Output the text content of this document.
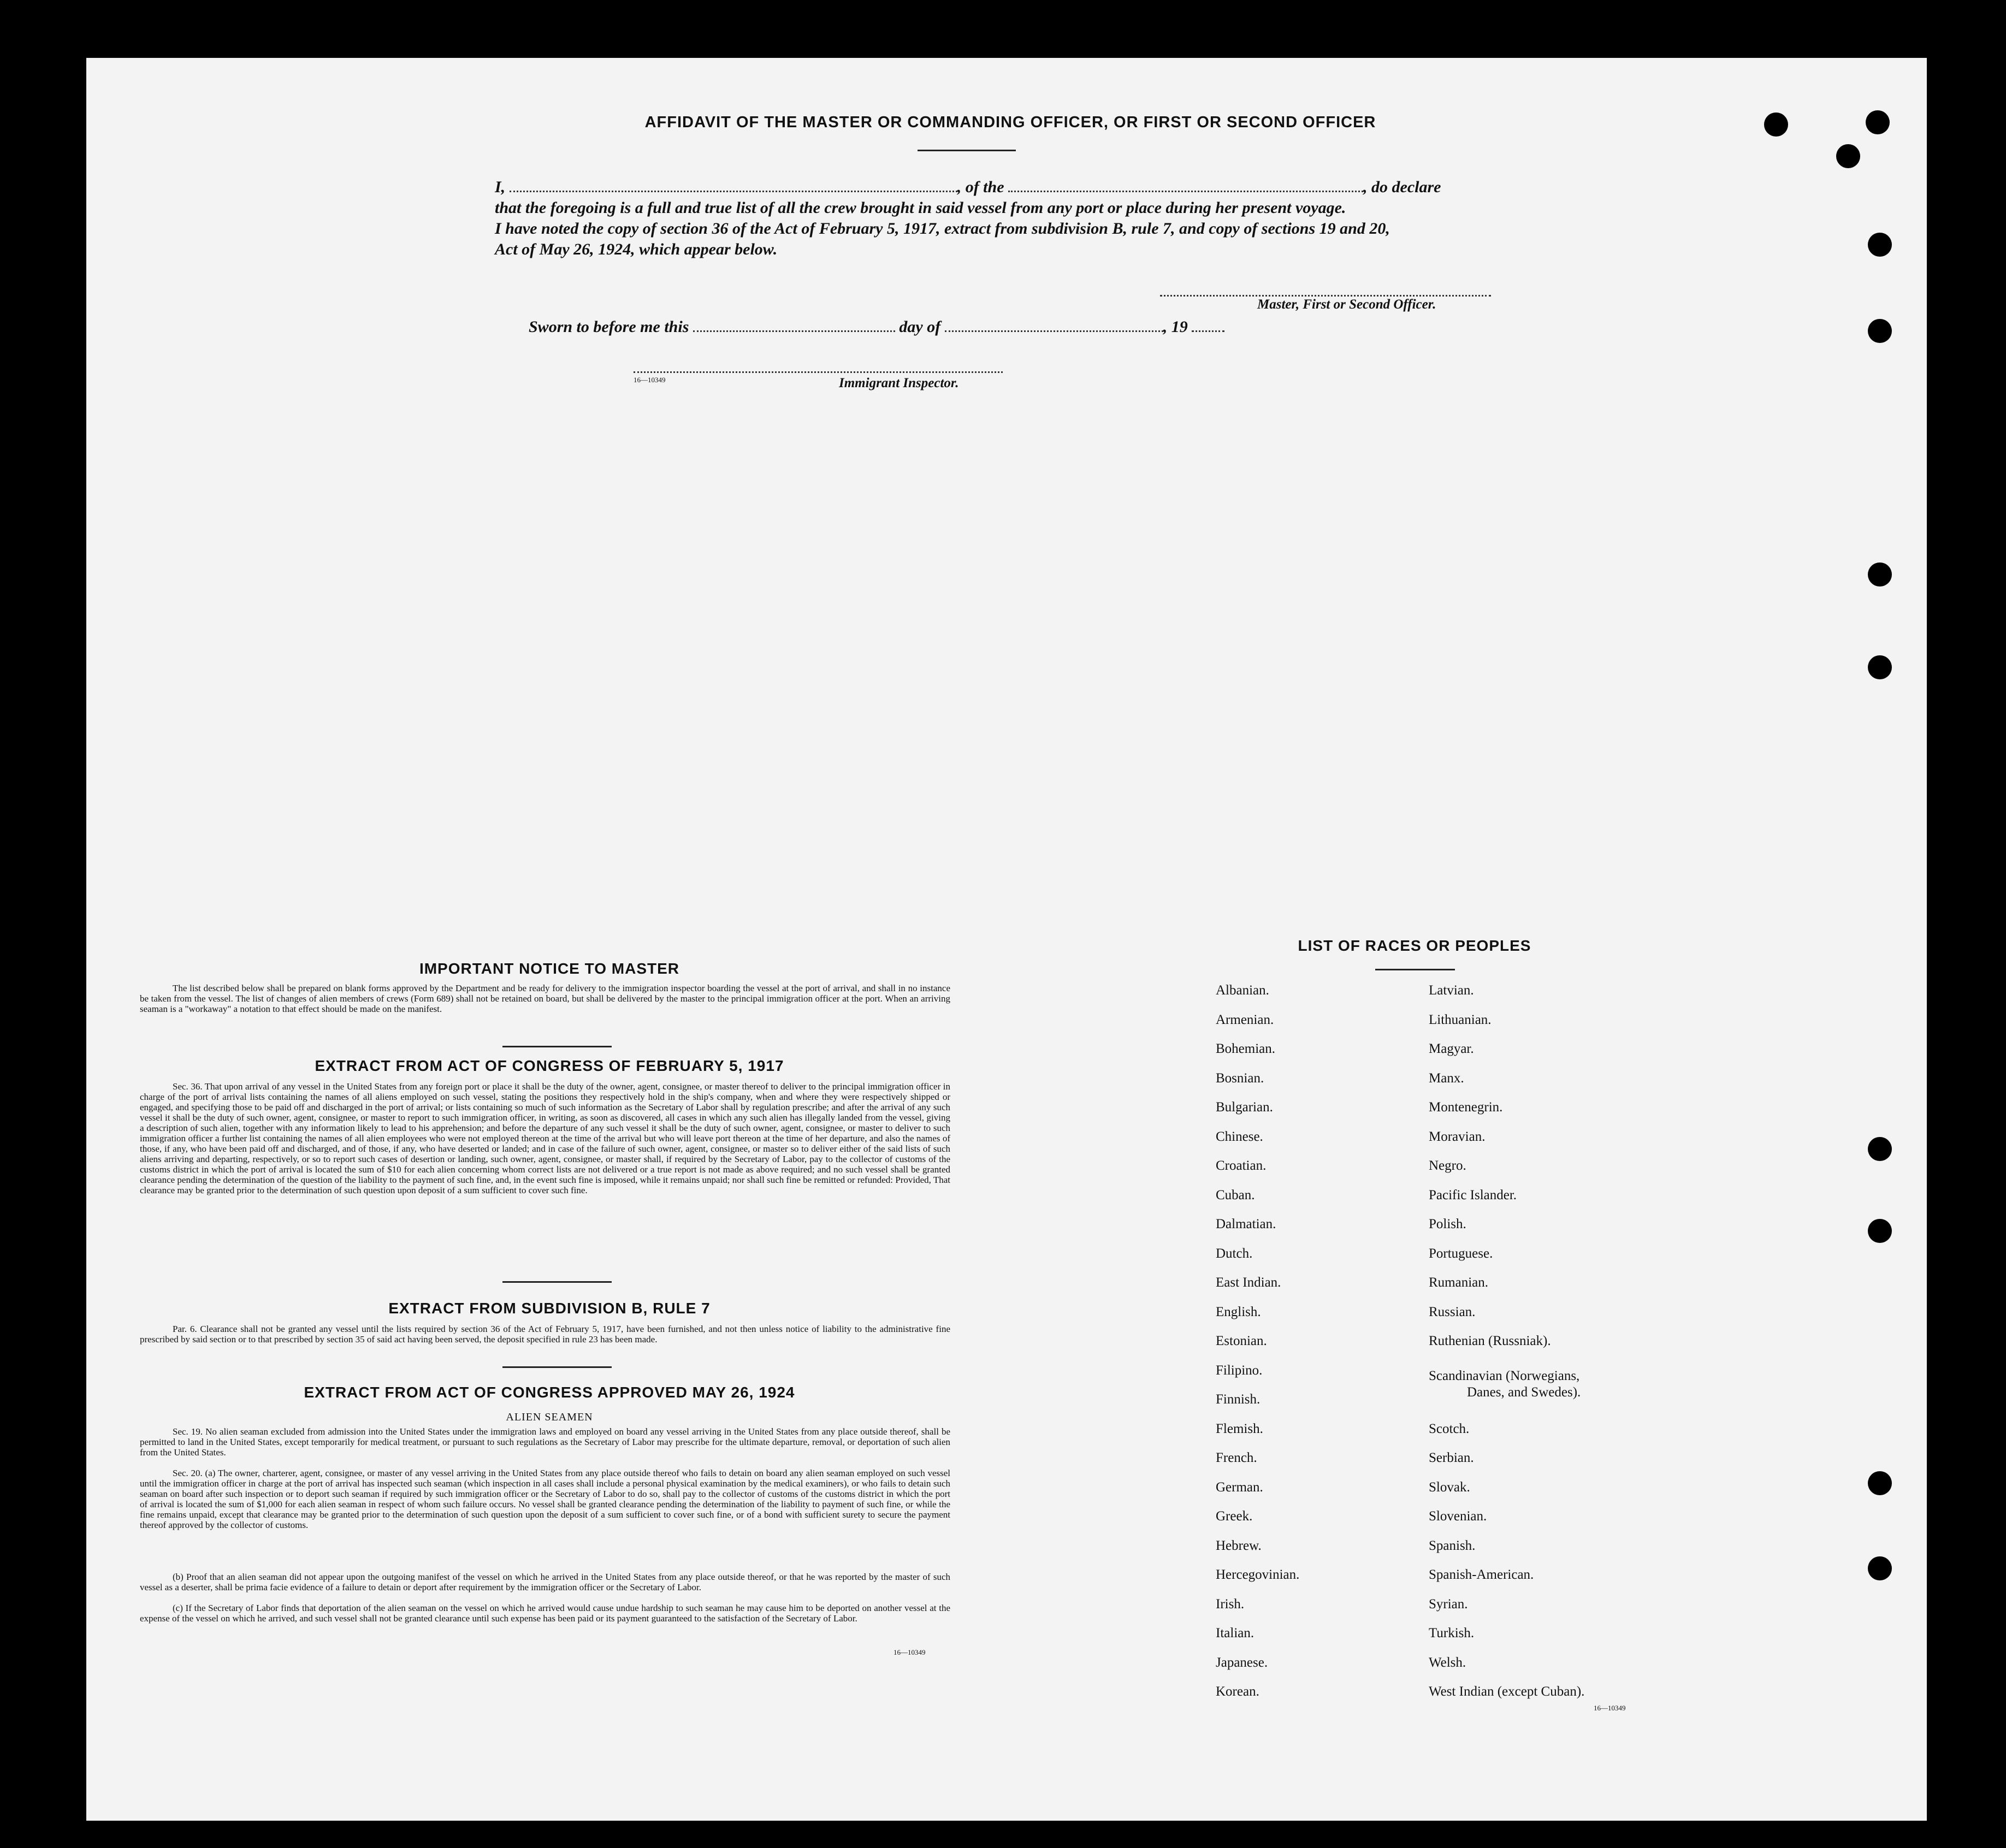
AFFIDAVIT OF THE MASTER OR COMMANDING OFFICER, OR FIRST OR SECOND OFFICER
I,	, of the	, do declare
that the foregoing is a full and true list of all the crew brought in said vessel from any port or place during her present voyage.
I have noted the copy of section 36 of the Act of February 5, 1917, extract from subdivision B, rule 7, and copy of sections 19 and 20,
Act of May 26, 1924, which appear below.
Master, First or Second Officer.
Sworn to before me this	day of	, 19
16—10349	Immigrant Inspector.
IMPORTANT NOTICE TO MASTER
The list described below shall be prepared on blank forms approved by the Department and be ready for delivery to the immigration inspector boarding the vessel at the port of arrival, and shall in no instance be taken from the vessel. The list of changes of alien members of crews (Form 689) shall not be retained on board, but shall be delivered by the master to the principal immigration officer at the port. When an arriving seaman is a "workaway" a notation to that effect should be made on the manifest.
EXTRACT FROM ACT OF CONGRESS OF FEBRUARY 5, 1917
Sec. 36. That upon arrival of any vessel in the United States from any foreign port or place it shall be the duty of the owner, agent, consignee, or master thereof to deliver to the principal immigration officer in charge of the port of arrival lists containing the names of all aliens employed on such vessel, stating the positions they respectively hold in the ship's company, when and where they were respectively shipped or engaged, and specifying those to be paid off and discharged in the port of arrival; or lists containing so much of such information as the Secretary of Labor shall by regulation prescribe; and after the arrival of any such vessel it shall be the duty of such owner, agent, consignee, or master to report to such immigration officer, in writing, as soon as discovered, all cases in which any such alien has illegally landed from the vessel, giving a description of such alien, together with any information likely to lead to his apprehension; and before the departure of any such vessel it shall be the duty of such owner, agent, consignee, or master to deliver to such immigration officer a further list containing the names of all alien employees who were not employed thereon at the time of the arrival but who will leave port thereon at the time of her departure, and also the names of those, if any, who have been paid off and discharged, and of those, if any, who have deserted or landed; and in case of the failure of such owner, agent, consignee, or master so to deliver either of the said lists of such aliens arriving and departing, respectively, or so to report such cases of desertion or landing, such owner, agent, consignee, or master shall, if required by the Secretary of Labor, pay to the collector of customs of the customs district in which the port of arrival is located the sum of $10 for each alien concerning whom correct lists are not delivered or a true report is not made as above required; and no such vessel shall be granted clearance pending the determination of the question of the liability to the payment of such fine, and, in the event such fine is imposed, while it remains unpaid; nor shall such fine be remitted or refunded: Provided, That clearance may be granted prior to the determination of such question upon deposit of a sum sufficient to cover such fine.
EXTRACT FROM SUBDIVISION B, RULE 7
Par. 6. Clearance shall not be granted any vessel until the lists required by section 36 of the Act of February 5, 1917, have been furnished, and not then unless notice of liability to the administrative fine prescribed by said section or to that prescribed by section 35 of said act having been served, the deposit specified in rule 23 has been made.
EXTRACT FROM ACT OF CONGRESS APPROVED MAY 26, 1924
ALIEN SEAMEN
Sec. 19. No alien seaman excluded from admission into the United States under the immigration laws and employed on board any vessel arriving in the United States from any place outside thereof, shall be permitted to land in the United States, except temporarily for medical treatment, or pursuant to such regulations as the Secretary of Labor may prescribe for the ultimate departure, removal, or deportation of such alien from the United States.
Sec. 20. (a) The owner, charterer, agent, consignee, or master of any vessel arriving in the United States from any place outside thereof who fails to detain on board any alien seaman employed on such vessel until the immigration officer in charge at the port of arrival has inspected such seaman (which inspection in all cases shall include a personal physical examination by the medical examiners), or who fails to detain such seaman on board after such inspection or to deport such seaman if required by such immigration officer or the Secretary of Labor to do so, shall pay to the collector of customs of the customs district in which the port of arrival is located the sum of $1,000 for each alien seaman in respect of whom such failure occurs. No vessel shall be granted clearance pending the determination of the liability to payment of such fine, or while the fine remains unpaid, except that clearance may be granted prior to the determination of such question upon the deposit of a sum sufficient to cover such fine, or of a bond with sufficient surety to secure the payment thereof approved by the collector of customs.
(b) Proof that an alien seaman did not appear upon the outgoing manifest of the vessel on which he arrived in the United States from any place outside thereof, or that he was reported by the master of such vessel as a deserter, shall be prima facie evidence of a failure to detain or deport after requirement by the immigration officer or the Secretary of Labor.
(c) If the Secretary of Labor finds that deportation of the alien seaman on the vessel on which he arrived would cause undue hardship to such seaman he may cause him to be deported on another vessel at the expense of the vessel on which he arrived, and such vessel shall not be granted clearance until such expense has been paid or its payment guaranteed to the satisfaction of the Secretary of Labor.
16—10349
LIST OF RACES OR PEOPLES
Albanian.
Armenian.
Bohemian.
Bosnian.
Bulgarian.
Chinese.
Croatian.
Cuban.
Dalmatian.
Dutch.
East Indian.
English.
Estonian.
Filipino.
Finnish.
Flemish.
French.
German.
Greek.
Hebrew.
Hercegovinian.
Irish.
Italian.
Japanese.
Korean.
Latvian.
Lithuanian.
Magyar.
Manx.
Montenegrin.
Moravian.
Negro.
Pacific Islander.
Polish.
Portuguese.
Rumanian.
Russian.
Ruthenian (Russniak).
Scandinavian (Norwegians,
Scotch.
Serbian.
Slovak.
Slovenian.
Spanish.
Spanish-American.
Syrian.
Turkish.
Welsh.
West Indian (except Cuban).
Danes, and Swedes).
16—10349
